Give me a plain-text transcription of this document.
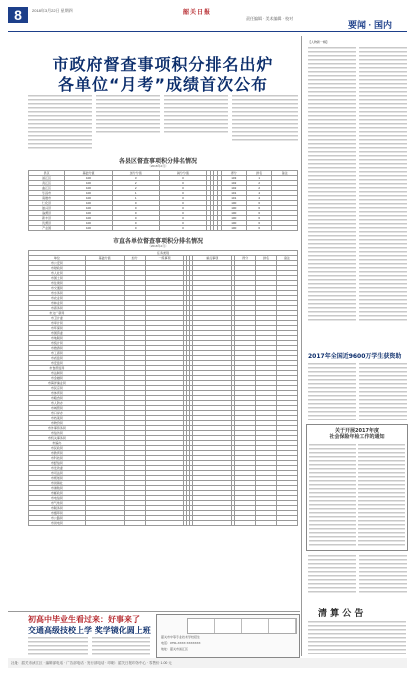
8	2018年3月22日 星期四	韶关日报
责任编辑 · 美术编辑 · 校对
要闻 · 国内
市政府督查事项积分排名出炉
各单位“月考”成绩首次公布
各县区督查事项积分排名情况
（2018年2月）
县区	基础分值	加分分值	减分分值					得分	排名	备注
浈江区	100	3	0					103	1	
武江区	100	2	0					102	2	
曲江区	100	2	0					102	2	
乐昌市	100	1	0					101	4	
南雄市	100	1	0					101	4	
仁化县	100	0	0					100	6	
始兴县	100	0	0					100	6	
翁源县	100	0	0					100	6	
新丰县	100	0	0					100	6	
乳源县	100	0	0					100	6	
产业园	100	0	0					100	6	
市直各单位督查事项积分排名情况
（2018年2月）
任务类别											
单位	基础分值	加分	一般事项				重点事项		得分	排名	备注
市公安局											
市财政局											
市人社局											
市国土局											
市住建局											
市交通局											
市水务局											
市农业局											
市林业局											
市商务局											
市文广新局											
市卫计委											
市审计局											
市环保局											
市国资委											
市地税局											
市统计局											
市旅游局											
市工商局											
市质监局											
市安监局											
市食药监局											
市法制局											
市金融局											
市海洋渔业局											
市民宗局											
市体育局											
市粮食局											
市人防办											
市城管局											
市口岸办											
市档案局											
市物价局											
市外事侨务局											
市信访局											
市机关事务局											
市编办											
市民政局											
市教育局											
市科技局											
市经信局											
市发改委											
市司法局											
市规划局											
市供销社											
市港航局											
市邮政局											
市电信局											
市气象局											
市税务局											
市烟草局											
市公路局											
市供电局											
初高中毕业生看过来：好事来了
交通高级技校上学 奖学镜化圆上班
韶关市中等专业技术学校招生
电话：0751-XXXX XXXXXXX
地址：韶关市浈江区
【人物新一辑】
2017年全国近9600万学生获资助
关于开展2017年度
社会保险年检工作的通知
清 算 公 告
社址：韶关市浈江区 · 编辑部电话 · 广告部电话 · 发行部电话 · 印刷：韶关日报印务中心 · 零售价 1.00 元
